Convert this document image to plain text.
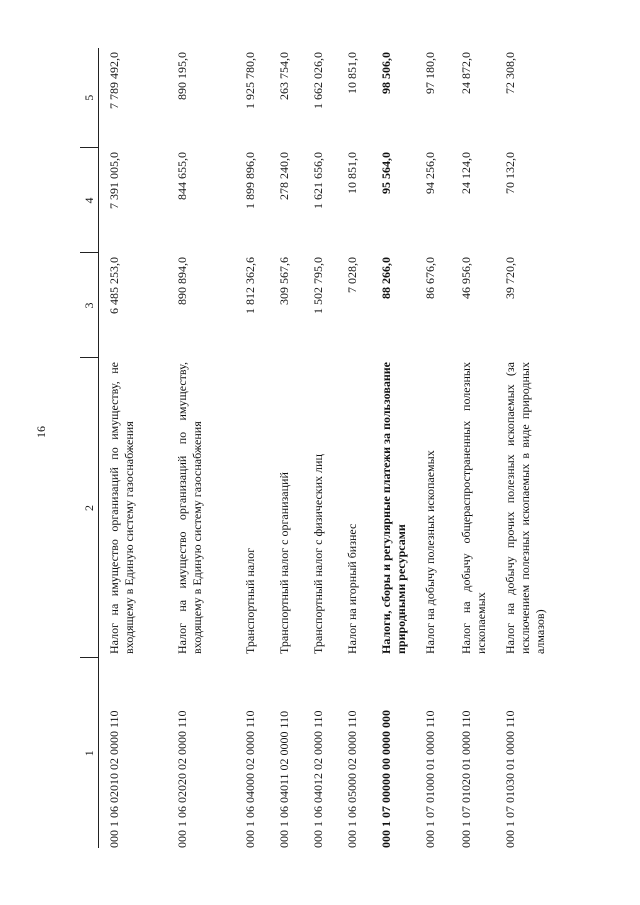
16
1	2	3	4	5
000 1 06 02010 02 0000 110	Налог на имущество организаций по имуществу, не входящему в Единую систему газоснабжения	6 485 253,0	7 391 005,0	7 789 492,0
000 1 06 02020 02 0000 110	Налог на имущество организаций по имуществу, входящему в Единую систему газоснабжения	890 894,0	844 655,0	890 195,0
000 1 06 04000 02 0000 110	Транспортный налог	1 812 362,6	1 899 896,0	1 925 780,0
000 1 06 04011 02 0000 110	Транспортный налог с организаций	309 567,6	278 240,0	263 754,0
000 1 06 04012 02 0000 110	Транспортный налог с физических лиц	1 502 795,0	1 621 656,0	1 662 026,0
000 1 06 05000 02 0000 110	Налог на игорный бизнес	7 028,0	10 851,0	10 851,0
000 1 07 00000 00 0000 000	Налоги, сборы и регулярные платежи за пользование природными ресурсами	88 266,0	95 564,0	98 506,0
000 1 07 01000 01 0000 110	Налог на добычу полезных ископаемых	86 676,0	94 256,0	97 180,0
000 1 07 01020 01 0000 110	Налог на добычу общераспространенных полезных ископаемых	46 956,0	24 124,0	24 872,0
000 1 07 01030 01 0000 110	Налог на добычу прочих полезных ископаемых (за исключением полезных ископаемых в виде природных алмазов)	39 720,0	70 132,0	72 308,0
